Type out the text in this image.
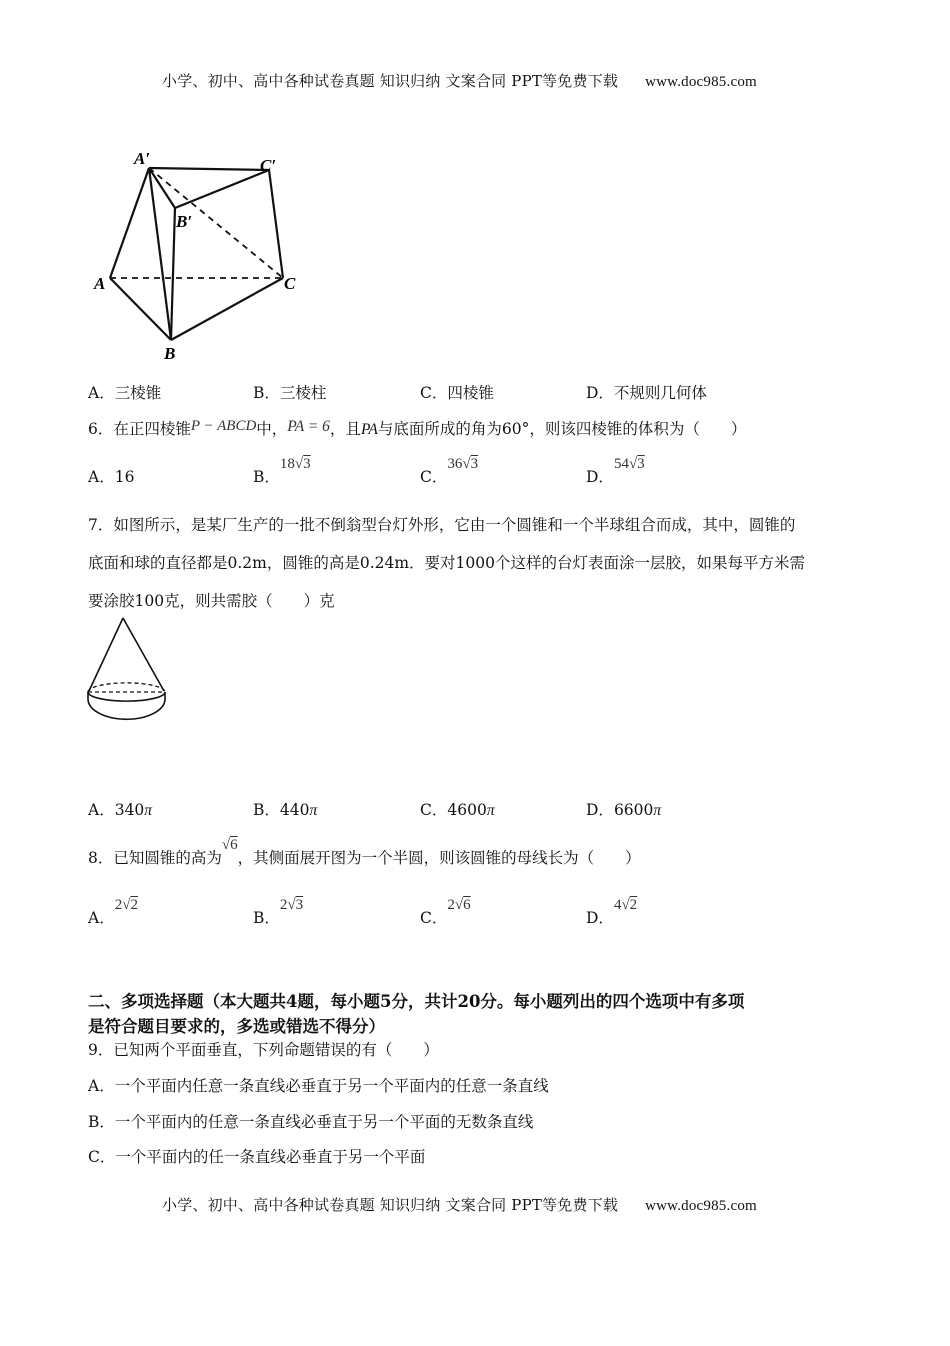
小学、初中、高中各种试卷真题 知识归纳 文案合同 PPT等免费下载 www.doc985.com
A′	C′
B′
A	C
B
A．三棱锥	B．三棱柱	C．四棱锥	D．不规则几何体
6．在正四棱锥P − ABCD中，PA = 6，且PA与底面所成的角为60°，则该四棱锥的体积为（　　）
A．16	B．18√3
C．36√3
D．54√3
7．如图所示，是某厂生产的一批不倒翁型台灯外形，它由一个圆锥和一个半球组合而成，其中，圆锥的
底面和球的直径都是0.2m，圆锥的高是0.24m．要对1000个这样的台灯表面涂一层胶，如果每平方米需
要涂胶100克，则共需胶（　　）克
A．340π	B．440π	C．4600π	D．6600π
8．已知圆锥的高为√6，其侧面展开图为一个半圆，则该圆锥的母线长为（　　）
A．2√2
B．2√3
C．2√6
D．4√2
二、多项选择题（本大题共4题，每小题5分，共计20分。每小题列出的四个选项中有多项
是符合题目要求的，多选或错选不得分）
9．已知两个平面垂直，下列命题错误的有（　　）
A．一个平面内任意一条直线必垂直于另一个平面内的任意一条直线
B．一个平面内的任意一条直线必垂直于另一个平面的无数条直线
C．一个平面内的任一条直线必垂直于另一个平面
小学、初中、高中各种试卷真题 知识归纳 文案合同 PPT等免费下载 www.doc985.com
